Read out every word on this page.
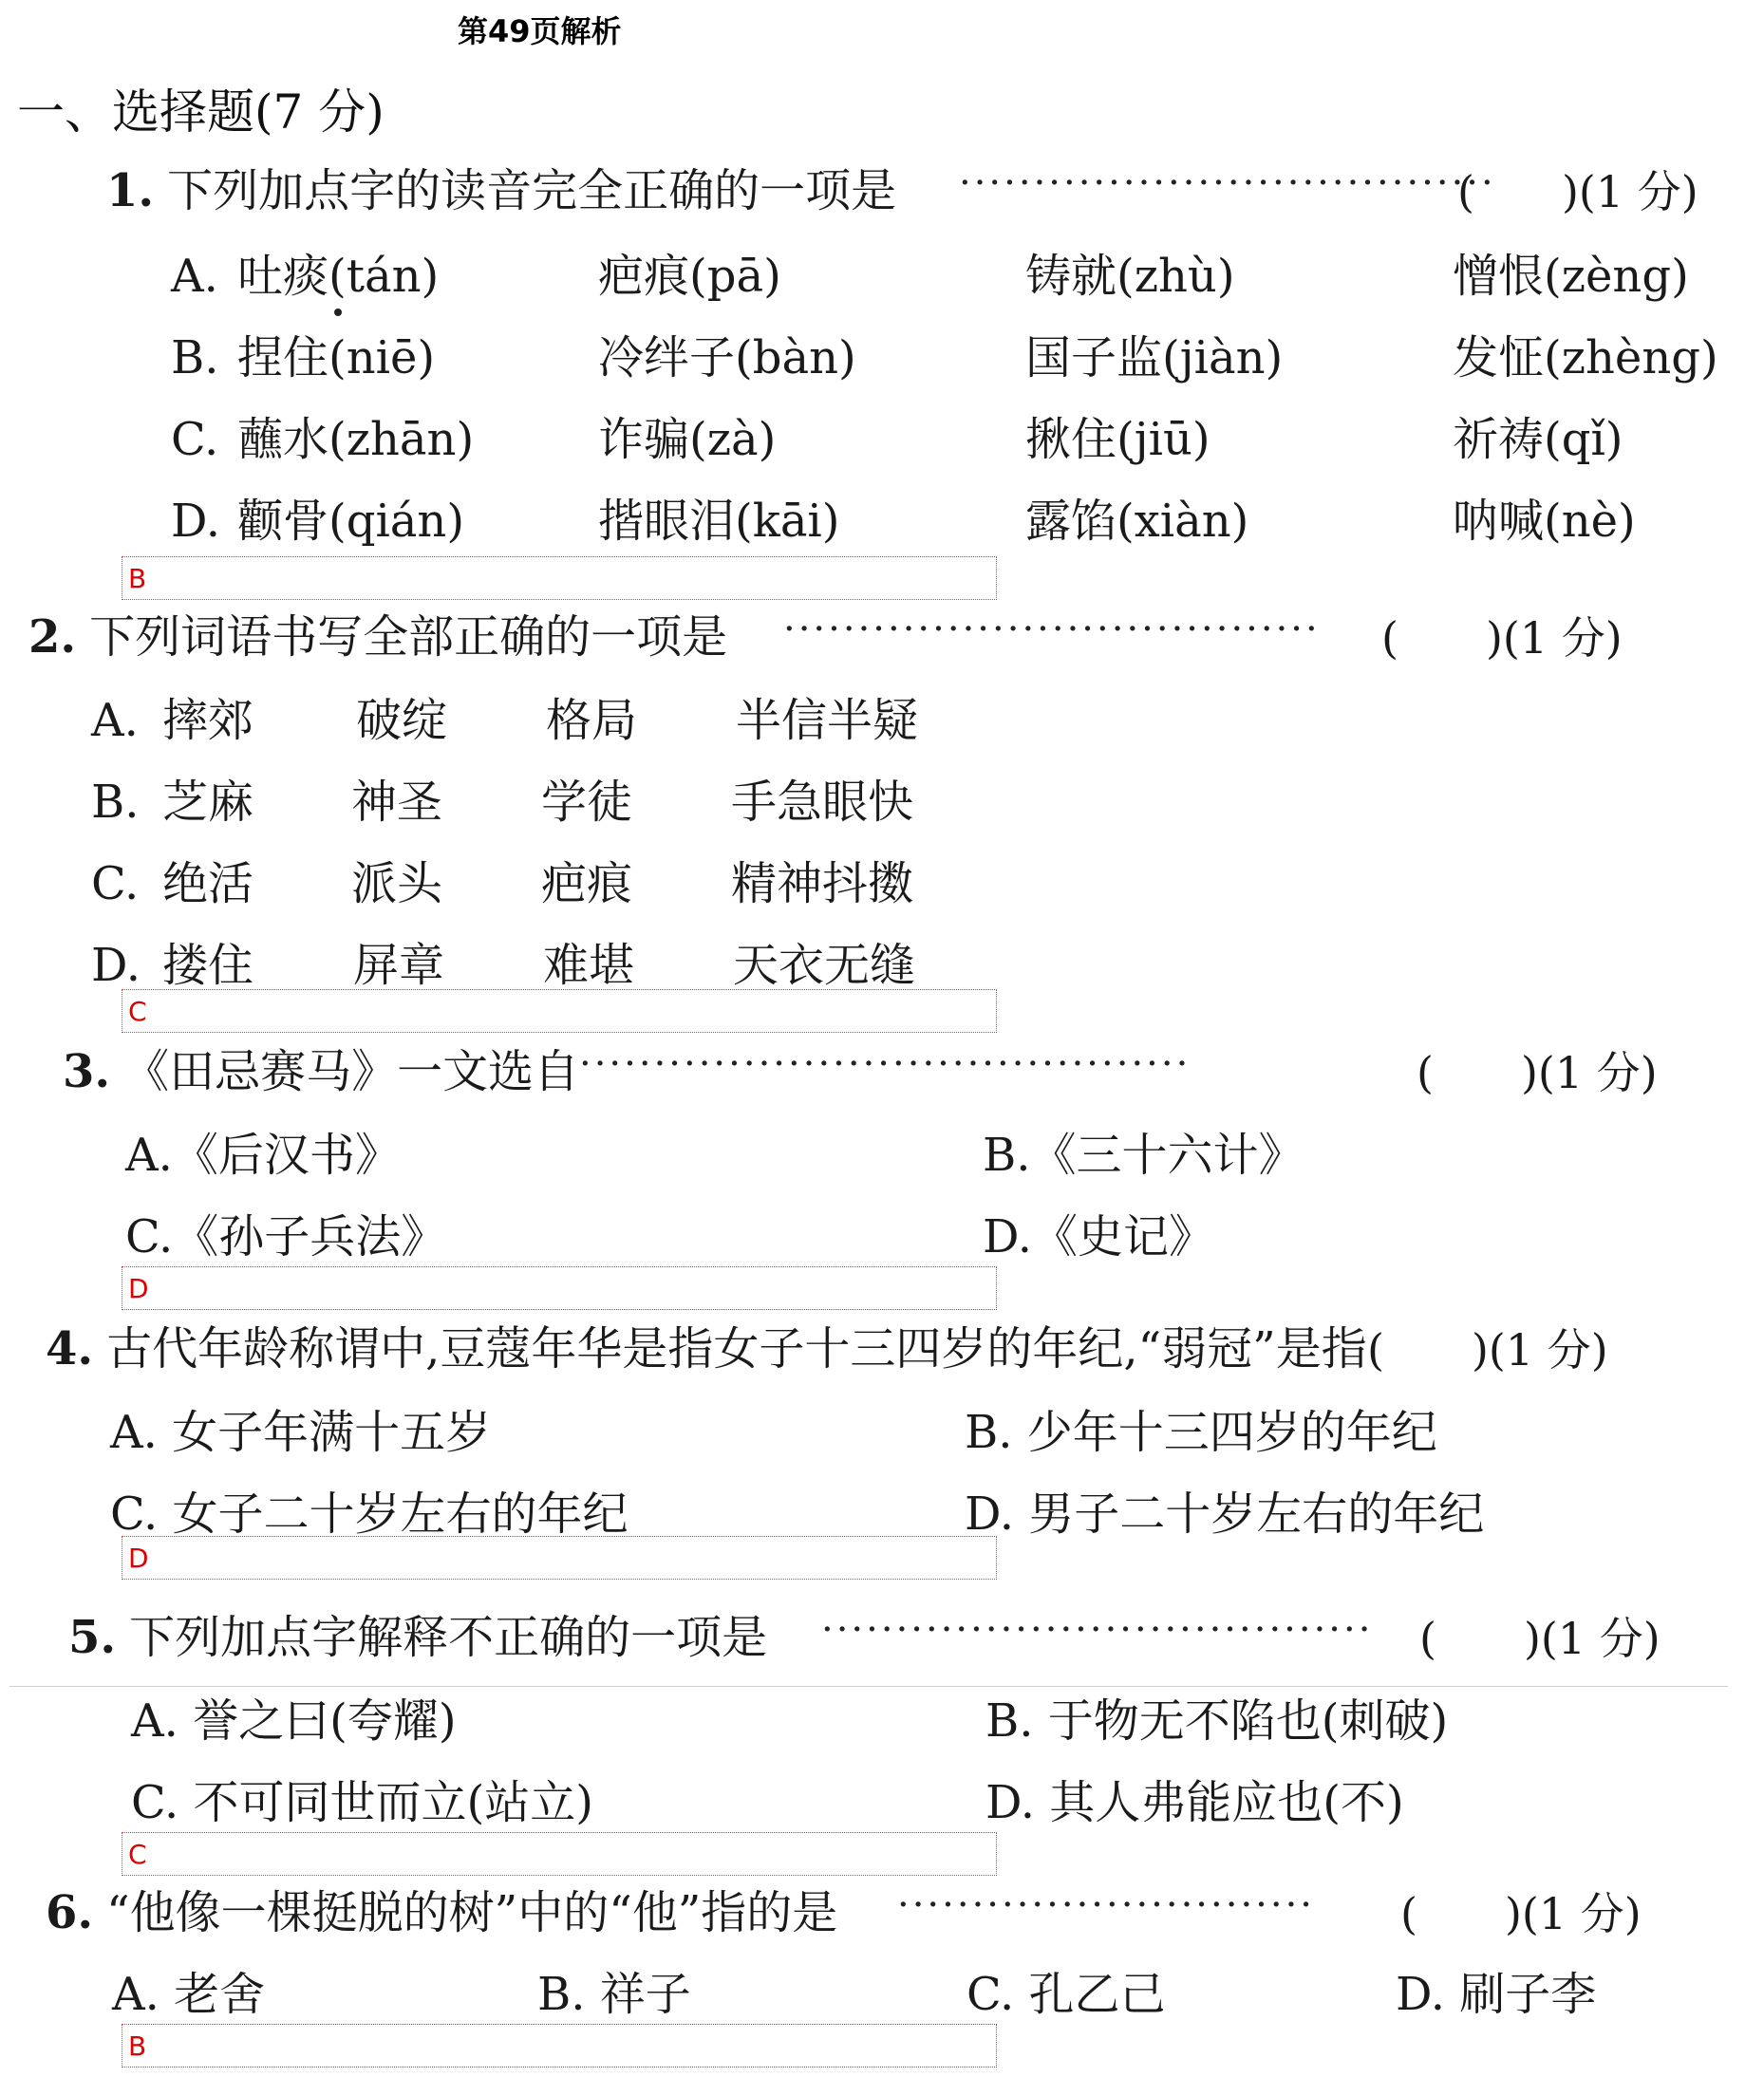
第49页解析
一、选择题(7 分)
1. 下列加点字的读音完全正确的一项是 ····································
(　　)(1 分)
A. 吐痰(tán)	疤痕(pā)	铸就(zhù)	憎恨(zèng)
B. 捏住(niē)	冷绊子(bàn)	国子监(jiàn)	发怔(zhèng)
C. 蘸水(zhān)	诈骗(zà)	揪住(jiū)	祈祷(qǐ)
D. 颧骨(qián)	揩眼泪(kāi)	露馅(xiàn)	呐喊(nè)
B
2. 下列词语书写全部正确的一项是 ····································	(　　)(1 分)
A. 摔郊 破绽 格局 半信半疑
B. 芝麻 神圣 学徒 手急眼快
C. 绝活 派头 疤痕 精神抖擞
D. 搂住 屏章 难堪 天衣无缝
C
3. 《田忌赛马》一文选自 ·········································	(　　)(1 分)
A.《后汉书》	B.《三十六计》
C.《孙子兵法》	D.《史记》
D
4. 古代年龄称谓中,豆蔻年华是指女子十三四岁的年纪,“弱冠”是指 (　　)(1 分)
A. 女子年满十五岁	B. 少年十三四岁的年纪
C. 女子二十岁左右的年纪	D. 男子二十岁左右的年纪
D
5. 下列加点字解释不正确的一项是 ·····································	(　　)(1 分)
A. 誉之曰(夸耀)	B. 于物无不陷也(刺破)
C. 不可同世而立(站立)	D. 其人弗能应也(不)
C
6. “他像一棵挺脱的树”中的“他”指的是 ····························	(　　)(1 分)
A. 老舍	B. 祥子	C. 孔乙己	D. 刷子李
B
